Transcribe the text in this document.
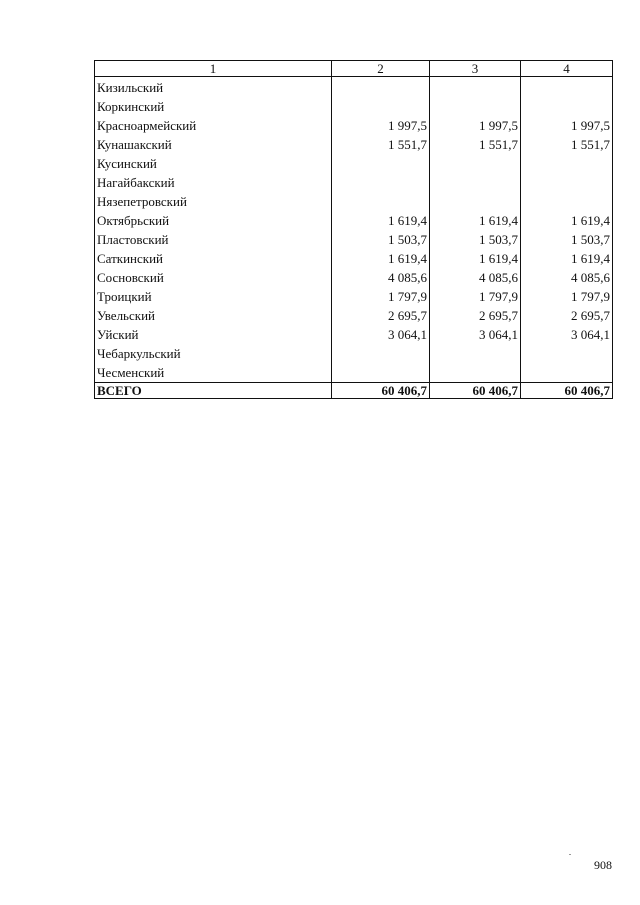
1	2	3	4
Кизильский			
Коркинский			
Красноармейский	1 997,5	1 997,5	1 997,5
Кунашакский	1 551,7	1 551,7	1 551,7
Кусинский			
Нагайбакский			
Нязепетровский			
Октябрьский	1 619,4	1 619,4	1 619,4
Пластовский	1 503,7	1 503,7	1 503,7
Саткинский	1 619,4	1 619,4	1 619,4
Сосновский	4 085,6	4 085,6	4 085,6
Троицкий	1 797,9	1 797,9	1 797,9
Увельский	2 695,7	2 695,7	2 695,7
Уйский	3 064,1	3 064,1	3 064,1
Чебаркульский			
Чесменский			
ВСЕГО	60 406,7	60 406,7	60 406,7
908
